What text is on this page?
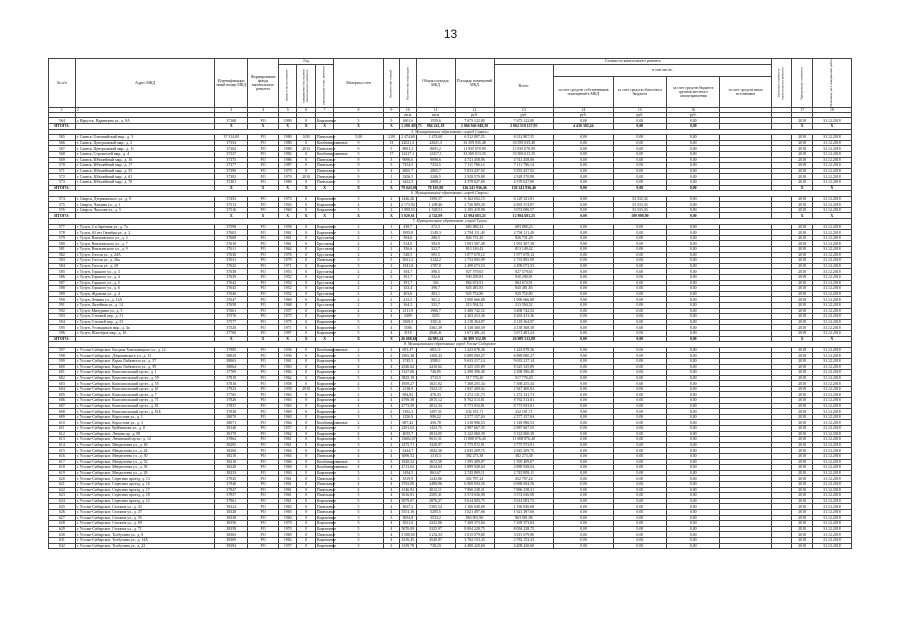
13
№ п/п	Адрес МКД	Идентификацио нный номер МКД	Формирование фонда капитального ремонта	Год			Материал стен	Количество этажей	Количество подъездов	Общая площадь МКД	Площадь помещений МКД	Стоимость капитального ремонта					Удельная стоимость капитального ремонта	Предельная стоимость	Плановая дата завершения работ
				ввода в эксплуатацию	завершения последнего капитального ремонта	предыдущего кап. ремонта						Всего:	в том числе:						
													за счет средств собственников помещений в МКД	за счет средств областного бюджета	за счет средств бюджета органов местного самоуправления	за счет средств иных источников			
1	2	3	4	5	6	7	8	9	10	11	12	13	14	15	16			17	18
									кв.м	кв.м	руб.	руб.	руб.	руб.	руб.				
564	г. Иркутск, Ядринцева ул., д. 8А	37168	РО	1990	0	Кирпичные	5	5	1601,6	1559,6	7 675 122,80	7 675 122,80	0,00	0,00	0,00			2018	31.12.2018
ИТОГО:		X	X	X	X	X	X	X	1 290 493,75	884 241,18	2 066 946 048,20	2 062 510 127,95	4 436 302,44	0,00	0,00			X	X
5. Муниципальное образование «город Саянск»																			
565	г. Саянск, Олимпийский мкр., д. 3	37 314,00	РО	1980	0,00	Панельные	5,00	2,00	2 474,60	1 474,60	6 512 807,55	6 512 807,55	0,00	0,00	0,00			2018	31.12.2018
566	г. Саянск, Центральный мкр., д. 2	37354	РО	1980	0	Комбинированные	9	13	22021,3	22021,3	33 559 035,48	33 559 035,48	0,00	0,00	0,00			2018	31.12.2018
567	г. Саянск, Центральный мкр., д. 11	37362	РО	1989	2015	Панельные	9	5	8691,2	8691,2	11 835 070,99	11 835 070,99	0,00	0,00	0,00			2018	31.12.2018
568	г. Саянск, Строителей мкр., д. 4	37337	РО	1982	0	Комбинированные	5	17	12417,1	12417,1	33 569 013,35	33 569 013,35	0,00	0,00	0,00			2018	31.12.2018
569	г. Саянск, Юбилейный мкр., д. 16	37375	РО	1986	0	Панельные	9	3	9090,6	9090,6	4 741 458,06	4 741 458,06	0,00	0,00	0,00			2018	31.12.2018
570	г. Саянск, Юбилейный мкр., д. 17	37377	РО	1987	0	Панельные	9	5	7254,5	7254,5	7 111 786,14	7 111 786,14	0,00	0,00	0,00			2018	31.12.2018
571	г. Саянск, Юбилейный мкр., д. 55	37390	РО	1979	0	Панельные	5	4	2065,7	2065,7	5 833 437,92	5 833 437,92	0,00	0,00	0,00			2018	31.12.2018
572	г. Саянск, Юбилейный мкр., д. 61	37392	РО	1979	2010	Панельные	9	1	3206,5	3206,5	2 928 570,88	2 928 570,88	0,00	0,00	0,00			2018	31.12.2018
573	г. Саянск, Юбилейный мкр., д. 70	37401	РО	1980	0	Панельные	5	2	3422,5	3089,2	4 378 627,80	4 378 627,80	0,00	0,00	0,00			2018	31.12.2018
ИТОГО:		X	X	X	X	X	X	X	79 643,00	78 165,80	126 241 936,46	126 241 936,46	0,00	0,00	0,00			X	X
6. Муниципальное образование «город Свирск»																			
574	г. Свирск, Дзержинского ул., д. 9	37453	РО	1973	0	Кирпичные	3	2	1446,26	1390,57	6 162 652,15	6 129 321,81	0,00	33 333,34	0,00			2018	31.12.2018
575	г. Свирск, Чапаева ул., д. 1	37513	РО	1963	0	Кирпичные	4	2	2 173,92	1 208,46	2 726 809,20	2 693 374,87	0,00	33 333,33	0,00			2018	31.12.2018
576	г. Свирск, Чкалова ул., д. 5	37516	РО	1960	0	Кирпичные	3	2	1 980,53	1 528,51	3 105 419,90	3 072 086,57	0,00	33 333,33	0,00			2018	31.12.2018
ИТОГО:		X	X	X	X	X	X	X	5 020,61	4 742,99	12 994 683,25	12 894 683,25	0,00	100 000,00	0,00			X	X
7. Муниципальное образование «город Тулун»																			
577	г. Тулун, 2-я Заречная ул., д. 7а	37598	РО	1958	0	Кирпичные	2	1	438,7	372,3	683 880,23	683 880,23	0,00	0,00	0,00			2018	31.12.2018
578	г. Тулун, 40 лет Октября ул., д. 2	37603	РО	1961	0	Кирпичные	3	3	1895,8	1349,3	2 794 111,49	2 794 111,49	0,00	0,00	0,00			2018	31.12.2018
579	г. Тулун, Ваильевского ул., д. 3	37608	РО	1961	0	Брусчатые	2	1	394,6	286,5	826 731,29	826 731,29	0,00	0,00	0,00			2018	31.12.2018
580	г. Тулун, Ваильевского ул., д. 7	37610	РО	1961	0	Брусчатые	2	2	534,0	394,9	1 091 307,38	1 091 307,38	0,00	0,00	0,00			2018	31.12.2018
581	г. Тулун, Ваильевского ул., д. 9	37611	РО	1962	0	Брусчатые	2	2	356,6	322,7	813 149,42	813 149,42	0,00	0,00	0,00			2018	31.12.2018
582	г. Тулун, Гоголя ул., д. 24А	37630	РО	1976	0	Брусчатые	2	2	548,5	505,5	1 077 678,12	1 077 678,12	0,00	0,00	0,00			2018	31.12.2018
583	г. Тулун, Гоголя ул., д. 26а	37631	РО	1979	0	Панельные	5	5	3611,2	3142,2	1 733 805,99	1 733 805,99	0,00	0,00	0,00			2018	31.12.2018
584	г. Тулун, Гоголя ул., д. 28	37632	РО	1971	0	Кирпичные	3	2	1941,8	1787,8	2 498 073,53	2 498 073,53	0,00	0,00	0,00			2018	31.12.2018
585	г. Тулун, Горького ул., д. 3	37638	РО	1953	0	Брусчатые	2	2	394,7	396,5	927 579,65	927 579,65	0,00	0,00	0,00			2018	31.12.2018
586	г. Тулун, Горького ул., д. 4	37639	РО	1952	0	Брусчатые	2	2	391,7	332,6	930 290,81	930 290,81	0,00	0,00	0,00			2018	31.12.2018
587	г. Тулун, Горького ул., д. 5	37642	РО	1952	0	Брусчатые	2	2	391,7	336	864 674,91	864 674,91	0,00	0,00	0,00			2018	31.12.2018
588	г. Тулун, Горького ул., д. 6	37643	РО	1952	0	Брусчатые	2	2	333,4	396,7	845 481,83	845 481,83	0,00	0,00	0,00			2018	31.12.2018
589	г. Тулун, Жданова ул., д. 4	37646	РО	1952	0	Брусчатые	2	2	403,6	403,1	925 752,80	925 752,80	0,00	0,00	0,00			2018	31.12.2018
590	г. Тулун, Ленина ул., д. 13А	37647	РО	1960	0	Кирпичные	2	2	415,5	361,2	1 090 666,88	1 090 666,88	0,00	0,00	0,00			2018	31.12.2018
591	г. Тулун, Литейная ул., д. 14	37658	РО	1968	0	Брусчатые	2	2	364,5	333,7	213 594,52	213 594,52	0,00	0,00	0,00			2018	31.12.2018
592	г. Тулун, Мичурина ул., д. 5	37661	РО	1957	0	Кирпичные	4	2	2111,9	1966,7	3 408 742,52	3 408 742,52	0,00	0,00	0,00			2018	31.12.2018
593	г. Тулун, Степной пер., д. 51	37576	РО	1975	0	Кирпичные	5	4	3409	3255	4 263 413,36	4 263 413,36	0,00	0,00	0,00			2018	31.12.2018
594	г. Тулун, Степной пер., д. 53	37577	РО	1975	0	Кирпичные	5	4	3369,5	3301,6	4 118 364,87	4 118 364,87	0,00	0,00	0,00			2018	31.12.2018
595	г. Тулун, Угольщиков мкр., д. 4а	37528	РО	1971	0	Кирпичные	5	4	3586	3361,39	4 138 368,39	4 138 368,39	0,00	0,00	0,00			2018	31.12.2018
596	г. Тулун, Шахтёров мкр., д. 16	37760	РО	1987	0	Кирпичные	5	4	3118	2946,41	3 671 481,24	3 671 481,24	0,00	0,00	0,00			2018	31.12.2018
ИТОГО:		X	X	X	X	X	X	X	26 668,68	24 985,24	26 989 312,88	26 989 312,88	0,00	0,00	0,00			X	X
8. Муниципальное образование город Усолье-Сибирское																			
597	г. Усолье-Сибирское, Богдана Хмельницкого ул., д. 12	37985	РО	1956	0	Комбинированные	2	2	691,47	603,11	1 223 678,36	1 223 678,36	0,00	0,00	0,00			2018	31.12.2018
598	г. Усолье-Сибирское, Дзержинского ул., д. 13	38029	РО	1956	0	Кирпичные	3	2	1965,38	1308,43	6 889 080,27	6 889 080,27	0,00	0,00	0,00			2018	31.12.2018
599	г. Усолье-Сибирское, Карла Либкнехта ул., д. 57	38063	РО	1961	0	Кирпичные	3	3	3745,5	3580,1	9 633 217,14	9 633 217,14	0,00	0,00	0,00			2018	31.12.2018
600	г. Усолье-Сибирское, Карла Либкнехта ул., д. 59	38064	РО	1963	0	Кирпичные	4	4	2540,62	2410,62	8 325 335,89	8 325 335,89	0,00	0,00	0,00			2018	31.12.2018
601	г. Усолье-Сибирское, Комсомольский пр-кт., д. 1	37769	РО	1962	0	Кирпичные	2	1	1327,06	726,85	2 298 396,40	2 298 396,40	0,00	0,00	0,00			2018	31.12.2018
602	г. Усолье-Сибирское, Комсомольский пр-кт., д. 59	37810	РО	1962	0	Панельные	5	4	3825,19	3733,5	517 776,20	517 776,20	0,00	0,00	0,00			2018	31.12.2018
603	г. Усолье-Сибирское, Комсомольский пр-кт., д. 55	37818	РО	1958	0	Кирпичные	2	3	1859,27	1821,02	7 368 255,34	7 368 255,34	0,00	0,00	0,00			2018	31.12.2018
604	г. Усолье-Сибирское, Комсомольский пр-кт., д. 61	37823	РО	1958	2010	Кирпичные	3	3	2138,9	1323,15	1 847 400,02	1 847 400,02	0,00	0,00	0,00			2018	31.12.2018
605	г. Усолье-Сибирское, Комсомольский пр-кт., д. 7	37765	РО	1963	0	Кирпичные	2	2	694,82	476,33	1 272 121,73	1 272 121,73	0,00	0,00	0,00			2018	31.12.2018
606	г. Усолье-Сибирское, Комсомольский пр-кт., д. 71	37826	РО	1963	0	Кирпичные	4	4	4769,38	2815,12	8 762 513,81	8 762 513,81	0,00	0,00	0,00			2018	31.12.2018
607	г. Усолье-Сибирское, Комсомольский пр-кт., д. 81	37837	РО	1963	0	Кирпичные	4	4	4773,59	2812,34	8 773 933,81	8 773 933,81	0,00	0,00	0,00			2018	31.12.2018
608	г. Усолье-Сибирское, Комсомольский пр-кт., д. 81Б	37838	РО	1969	0	Кирпичные	2	2	1392,3	1297,31	232 181,71	232 181,71	0,00	0,00	0,00			2018	31.12.2018
609	г. Усолье-Сибирское, Коростова ул., д. 1	38070	РО	1960	0	Кирпичные	3	3	1250,9	990,22	2 577 157,04	2 577 157,04	0,00	0,00	0,00			2018	31.12.2018
610	г. Усолье-Сибирское, Коростова ул., д. 3	38071	РО	1964	0	Комбинированные	2	1	687,42	456,78	1 318 986,53	1 318 986,53	0,00	0,00	0,00			2018	31.12.2018
611	г. Усолье-Сибирское, Куйбышева ул., д. 8	38146	РО	1957	0	Кирпичные	3	2	2291,02	1423,75	2 987 667,55	2 987 667,55	0,00	0,00	0,00			2018	31.12.2018
612	г. Усолье-Сибирское, Ленина пр., д. 89	38170	РО	1962	0	Кирпичные	4	4	4055,7	2814,05	3 122 060,39	3 122 060,39	0,00	0,00	0,00			2018	31.12.2018
613	г. Усолье-Сибирское, Ленинский пр-кт., д. 12	37864	РО	1961	0	Кирпичные	5	4	13602,07	9611,31	11 808 876,40	11 808 876,40	0,00	0,00	0,00			2018	31.12.2018
614	г. Усолье-Сибирское, Менделеева ул., д. 40	38205	РО	1961	0	Кирпичные	3	2	1475,71	1320,97	3 775 972,91	3 775 972,91	0,00	0,00	0,00			2018	31.12.2018
615	г. Усолье-Сибирское, Менделеева ул., д. 44	38206	РО	1964	0	Кирпичные	3	2	2444,7	1842,36	2 845 209,75	2 845 209,75	0,00	0,00	0,00			2018	31.12.2018
616	г. Усолье-Сибирское, Менделеева ул., д. 50	38210	РО	1965	0	Панельные	4	4	3090,52	1315,3	382 273,38	382 273,38	0,00	0,00	0,00			2018	31.12.2018
617	г. Усолье-Сибирское, Менделеева ул., д. 52	38216	РО	1966	0	Комбинированные	3	3	1828,52	1672,58	1 595 409,07	1 595 409,07	0,00	0,00	0,00			2018	31.12.2018
618	г. Усолье-Сибирское, Менделеева ул., д. 56	38228	РО	1960	0	Комбинированные	4	4	4713,62	2634,64	3 889 928,04	3 889 928,04	0,00	0,00	0,00			2018	31.12.2018
619	г. Усолье-Сибирское, Менделеева ул., д. 28	38233	РО	1963	0	Кирпичные	3	2	1494,5	863,67	2 745 809,11	2 745 809,11	0,00	0,00	0,00			2018	31.12.2018
620	г. Усолье-Сибирское, Серегина проезд, д. 13	37945	РО	1961	0	Панельные	5	4	3319,9	1243,86	452 787,24	452 787,24	0,00	0,00	0,00			2018	31.12.2018
621	г. Усолье-Сибирское, Серегина проезд, д. 16	37946	РО	1961	0	Панельные	4	4	3792,09	2488,86	6 968 694,56	6 968 694,56	0,00	0,00	0,00			2018	31.12.2018
622	г. Усолье-Сибирское, Серегина проезд, д. 17	37947	РО	1961	0	Панельные	4	4	4146,92	3012,11	7 866 238,31	7 866 238,31	0,00	0,00	0,00			2018	31.12.2018
623	г. Усолье-Сибирское, Серегина проезд, д. 18	37957	РО	1961	0	Панельные	5	4	5616,81	2505,41	3 574 636,98	3 574 636,98	0,00	0,00	0,00			2018	31.12.2018
624	г. Усолье-Сибирское, Серегина проезд, д. 12	37961	РО	1961	0	Кирпичные	5	4	5079,67	2876,27	5 614 003,75	5 614 003,75	0,00	0,00	0,00			2018	31.12.2018
625	г. Усолье-Сибирское, Стопина ул., д. 43	38324	РО	1965	0	Панельные	5	4	5637,2	5305,54	1 166 840,68	1 166 840,68	0,00	0,00	0,00			2018	31.12.2018
626	г. Усолье-Сибирское, Стопина ул., д. 47	38328	РО	1965	0	Панельные	5	4	5551,16	5205,5	1 621 497,66	1 621 497,66	0,00	0,00	0,00			2018	31.12.2018
627	г. Усолье-Сибирское, Стопина ул., д. 55	38338	РО	1960	0	Кирпичные	3	3	3834,8	3533,2	863 901,96	863 901,96	0,00	0,00	0,00			2018	31.12.2018
628	г. Усолье-Сибирское, Стопина ул., д. 69	38356	РО	1970	0	Кирпичные	5	4	3921,6	2332,06	7 269 373,84	7 269 373,84	0,00	0,00	0,00			2018	31.12.2018
629	г. Усолье-Сибирское, Стопина ул., д. 71	38358	РО	1970	0	Кирпичные	5	4	5070,09	3325,97	8 094 228,75	8 094 228,75	0,00	0,00	0,00			2018	31.12.2018
630	г. Усолье-Сибирское, Толбухина ул., д. 8	38363	РО	1969	0	Панельные	5	4	3 588,00	3 252,35	3 815 079,80	3 815 079,80	0,00	0,00	0,00			2018	31.12.2018
631	г. Усолье-Сибирское, Толбухина ул., д. 14А	38369	РО	1962	0	Кирпичные	5	4	3216,45	4540,87	3 782 153,33	3 782 153,33	0,00	0,00	0,00			2018	31.12.2018
632	г. Усолье-Сибирское, Толбухина ул., д. 22	38394	РО	1957	0	Кирпичные	3	2	1339,78	738,23	4 408 420,60	4 408 420,60	0,00	0,00	0,00			2018	31.12.2018
